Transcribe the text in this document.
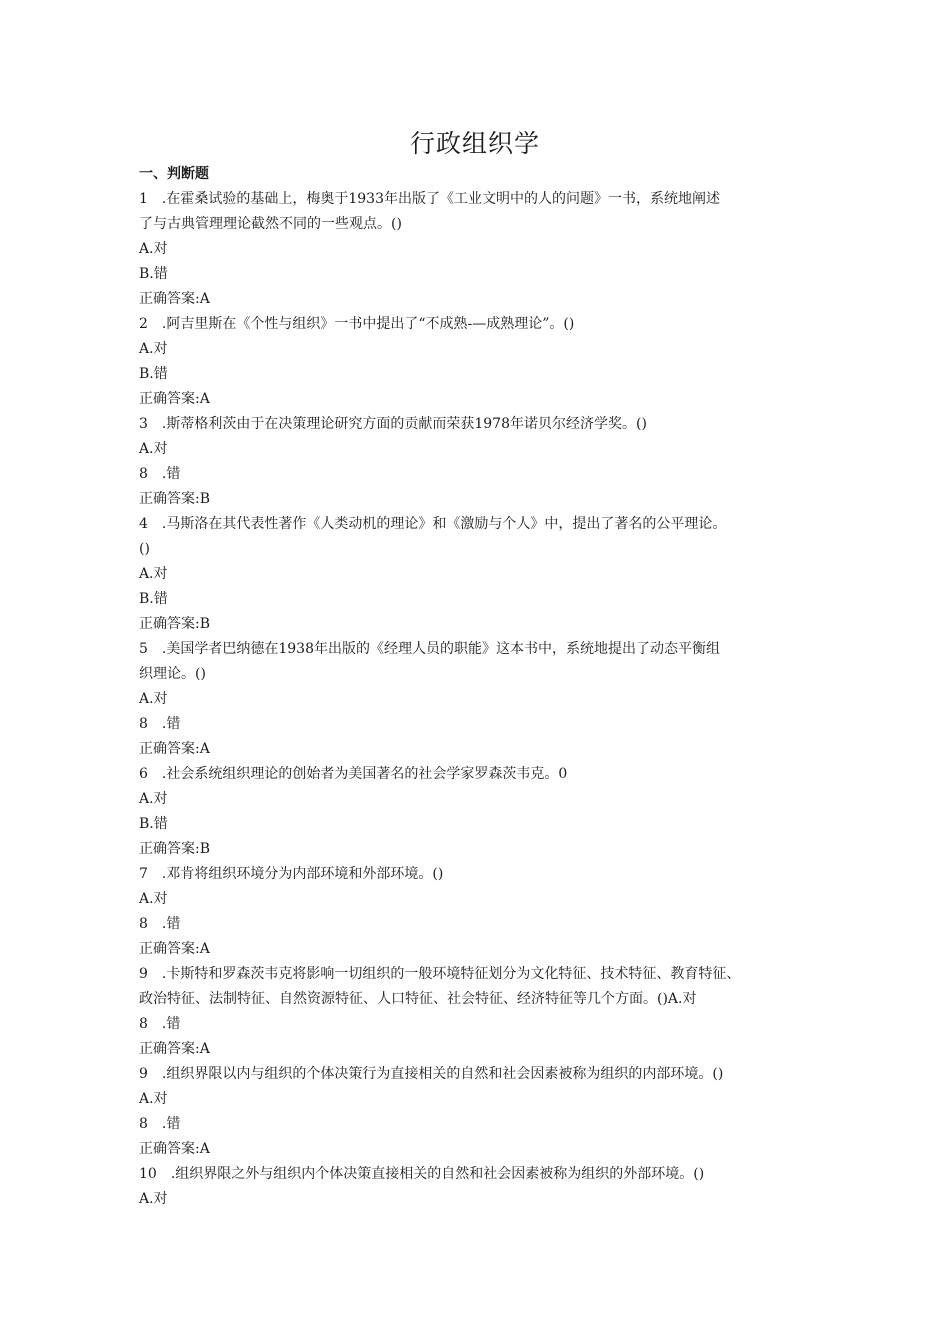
行政组织学
一、判断题
1　.在霍桑试验的基础上，梅奥于1933年出版了《工业文明中的人的问题》一书，系统地阐述
了与古典管理理论截然不同的一些观点。()
A.对
B.错
正确答案:A
2　.阿吉里斯在《个性与组织》一书中提出了“不成熟-—成熟理论”。()
A.对
B.错
正确答案:A
3　.斯蒂格利茨由于在决策理论研究方面的贡献而荣获1978年诺贝尔经济学奖。()
A.对
8　.错
正确答案:B
4　.马斯洛在其代表性著作《人类动机的理论》和《激励与个人》中，提出了著名的公平理论。
()
A.对
B.错
正确答案:B
5　.美国学者巴纳德在1938年出版的《经理人员的职能》这本书中，系统地提出了动态平衡组
织理论。()
A.对
8　.错
正确答案:A
6　.社会系统组织理论的创始者为美国著名的社会学家罗森茨韦克。0
A.对
B.错
正确答案:B
7　.邓肯将组织环境分为内部环境和外部环境。()
A.对
8　.错
正确答案:A
9　.卡斯特和罗森茨韦克将影响一切组织的一般环境特征划分为文化特征、技术特征、教育特征、
政治特征、法制特征、自然资源特征、人口特征、社会特征、经济特征等几个方面。()A.对
8　.错
正确答案:A
9　.组织界限以内与组织的个体决策行为直接相关的自然和社会因素被称为组织的内部环境。()
A.对
8　.错
正确答案:A
10　.组织界限之外与组织内个体决策直接相关的自然和社会因素被称为组织的外部环境。()
A.对
